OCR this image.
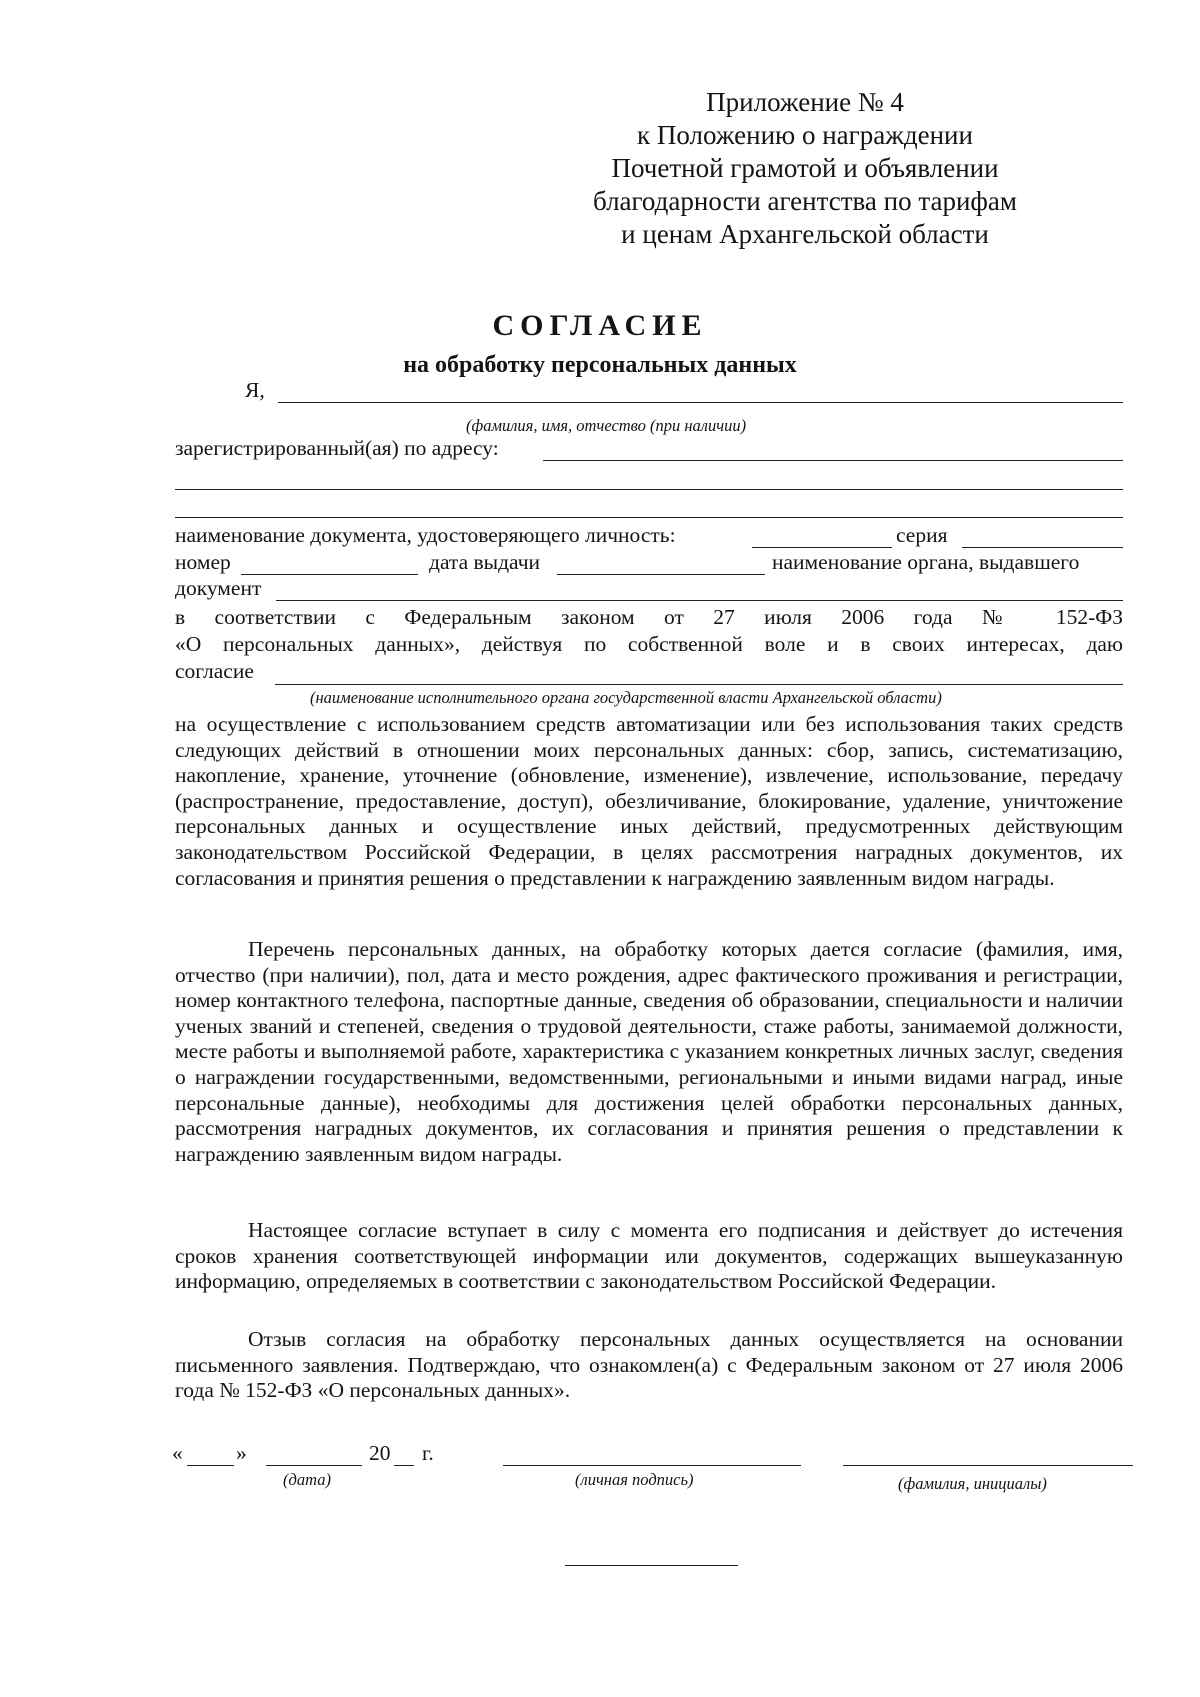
Приложение № 4
к Положению о награждении
Почетной грамотой и объявлении
благодарности агентства по тарифам
и ценам Архангельской области
СОГЛАСИЕ
на обработку персональных данных
Я,
(фамилия, имя, отчество (при наличии)
зарегистрированный(ая) по адресу:
наименование документа, удостоверяющего личность:	серия
номер	дата выдачи	наименование органа, выдавшего
документ
в соответствии с Федеральным законом от 27 июля 2006 года № 152-ФЗ
«О персональных данных», действуя по собственной воле и в своих интересах, даю
согласие
(наименование исполнительного органа государственной власти Архангельской области)
на осуществление с использованием средств автоматизации или без использования таких средств следующих действий в отношении моих персональных данных: сбор, запись, систематизацию, накопление, хранение, уточнение (обновление, изменение), извлечение, использование, передачу (распространение, предоставление, доступ), обезличивание, блокирование, удаление, уничтожение персональных данных и осуществление иных действий, предусмотренных действующим законодательством Российской Федерации, в целях рассмотрения наградных документов, их согласования и принятия решения о представлении к награждению заявленным видом награды.
Перечень персональных данных, на обработку которых дается согласие (фамилия, имя, отчество (при наличии), пол, дата и место рождения, адрес фактического проживания и регистрации, номер контактного телефона, паспортные данные, сведения об образовании, специальности и наличии ученых званий и степеней, сведения о трудовой деятельности, стаже работы, занимаемой должности, месте работы и выполняемой работе, характеристика с указанием конкретных личных заслуг, сведения о награждении государственными, ведомственными, региональными и иными видами наград, иные персональные данные), необходимы для достижения целей обработки персональных данных, рассмотрения наградных документов, их согласования и принятия решения о представлении к награждению заявленным видом награды.
Настоящее согласие вступает в силу с момента его подписания и действует до истечения сроков хранения соответствующей информации или документов, содержащих вышеуказанную информацию, определяемых в соответствии с законодательством Российской Федерации.
Отзыв согласия на обработку персональных данных осуществляется на основании письменного заявления. Подтверждаю, что ознакомлен(а) с Федеральным законом от 27 июля 2006 года № 152-ФЗ «О персональных данных».
« »	20 г.
(дата)	(личная подпись)	(фамилия, инициалы)
